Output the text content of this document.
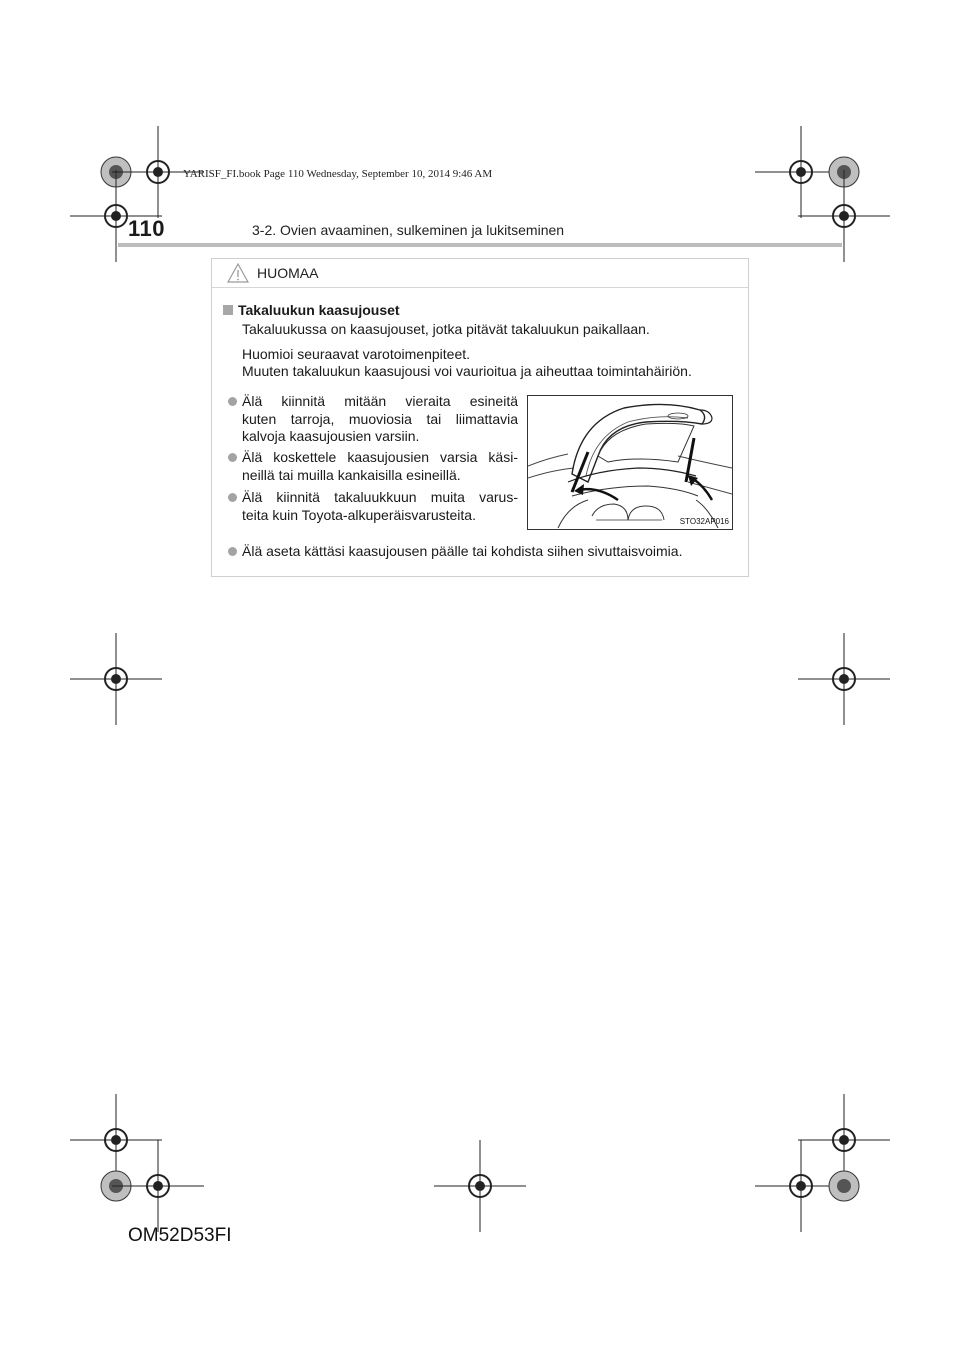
YARISF_FI.book Page 110 Wednesday, September 10, 2014 9:46 AM
110	3-2. Ovien avaaminen, sulkeminen ja lukitseminen
HUOMAA
Takaluukun kaasujouset
Takaluukussa on kaasujouset, jotka pitävät takaluukun paikallaan.
Huomioi seuraavat varotoimenpiteet.
Muuten takaluukun kaasujousi voi vaurioitua ja aiheuttaa toimintahäiriön.
Älä kiinnitä mitään vieraita esineitä
kuten tarroja, muoviosia tai liimattavia
kalvoja kaasujousien varsiin.
Älä koskettele kaasujousien varsia käsi-
neillä tai muilla kankaisilla esineillä.
Älä kiinnitä takaluukkuun muita varus-
teita kuin Toyota-alkuperäisvarusteita.
Älä aseta kättäsi kaasujousen päälle tai kohdista siihen sivuttaisvoimia.
STO32AP016
OM52D53FI
